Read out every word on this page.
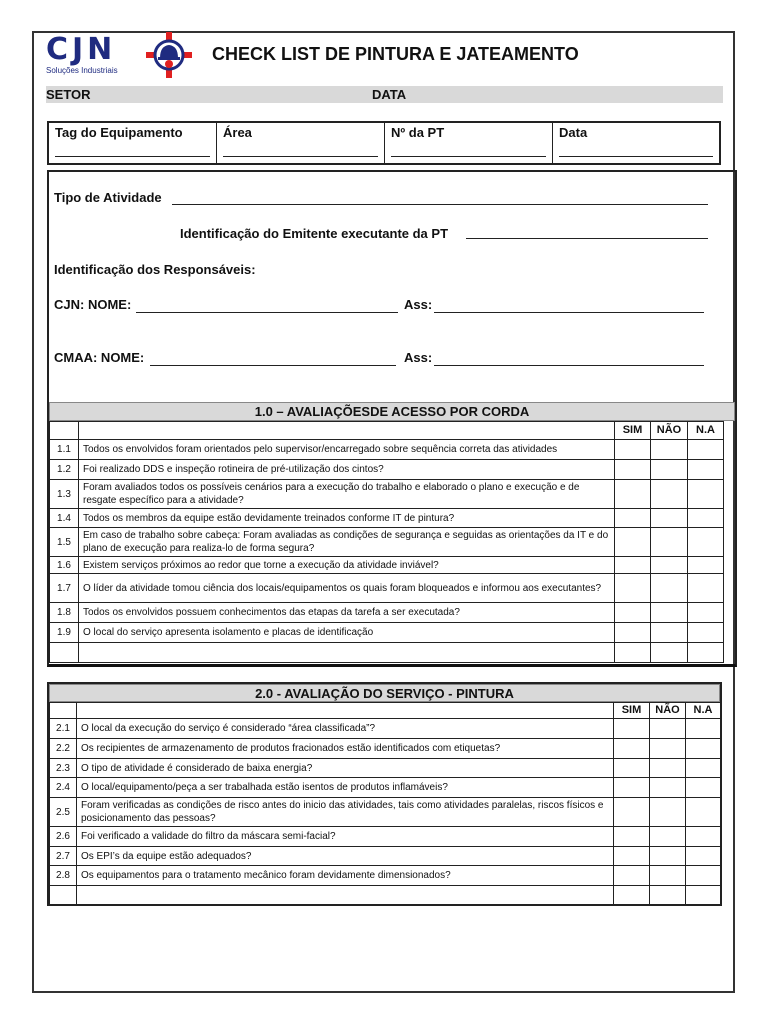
CJN
Soluções Industriais
CHECK LIST DE PINTURA E JATEAMENTO
SETOR	DATA
Tag do Equipamento	Área	Nº da PT	Data
Tipo de Atividade
Identificação do Emitente executante da PT
Identificação dos Responsáveis:
CJN: NOME:	Ass:
CMAA: NOME:	Ass:
1.0 – AVALIAÇÕESDE ACESSO POR CORDA
		SIM	NÃO	N.A
1.1	Todos os envolvidos foram orientados pelo supervisor/encarregado sobre sequência correta das atividades			
1.2	Foi realizado DDS e inspeção rotineira de pré-utilização dos cintos?			
1.3	Foram avaliados todos os possíveis cenários para a execução do trabalho e elaborado o plano e execução e de resgate específico para a atividade?			
1.4	Todos os membros da equipe estão devidamente treinados conforme IT de pintura?			
1.5	Em caso de trabalho sobre cabeça: Foram avaliadas as condições de segurança e seguidas as orientações da IT e do plano de execução para realiza-lo de forma segura?			
1.6	Existem serviços próximos ao redor que torne a execução da atividade inviável?			
1.7	O líder da atividade tomou ciência dos locais/equipamentos os quais foram bloqueados e informou aos executantes?			
1.8	Todos os envolvidos possuem conhecimentos das etapas da tarefa a ser executada?			
1.9	O local do serviço apresenta isolamento e placas de identificação			

2.0 - AVALIAÇÃO DO SERVIÇO - PINTURA
		SIM	NÃO	N.A
2.1	O local da execução do serviço é considerado “área classificada”?			
2.2	Os recipientes de armazenamento de produtos fracionados estão identificados com etiquetas?			
2.3	O tipo de atividade é considerado de baixa energia?			
2.4	O local/equipamento/peça a ser trabalhada estão isentos de produtos inflamáveis?			
2.5	Foram verificadas as condições de risco antes do inicio das atividades, tais como atividades paralelas, riscos físicos e posicionamento das pessoas?			
2.6	Foi verificado a validade do filtro da máscara semi-facial?			
2.7	Os EPI’s da equipe estão adequados?			
2.8	Os equipamentos para o tratamento mecânico foram devidamente dimensionados?			
